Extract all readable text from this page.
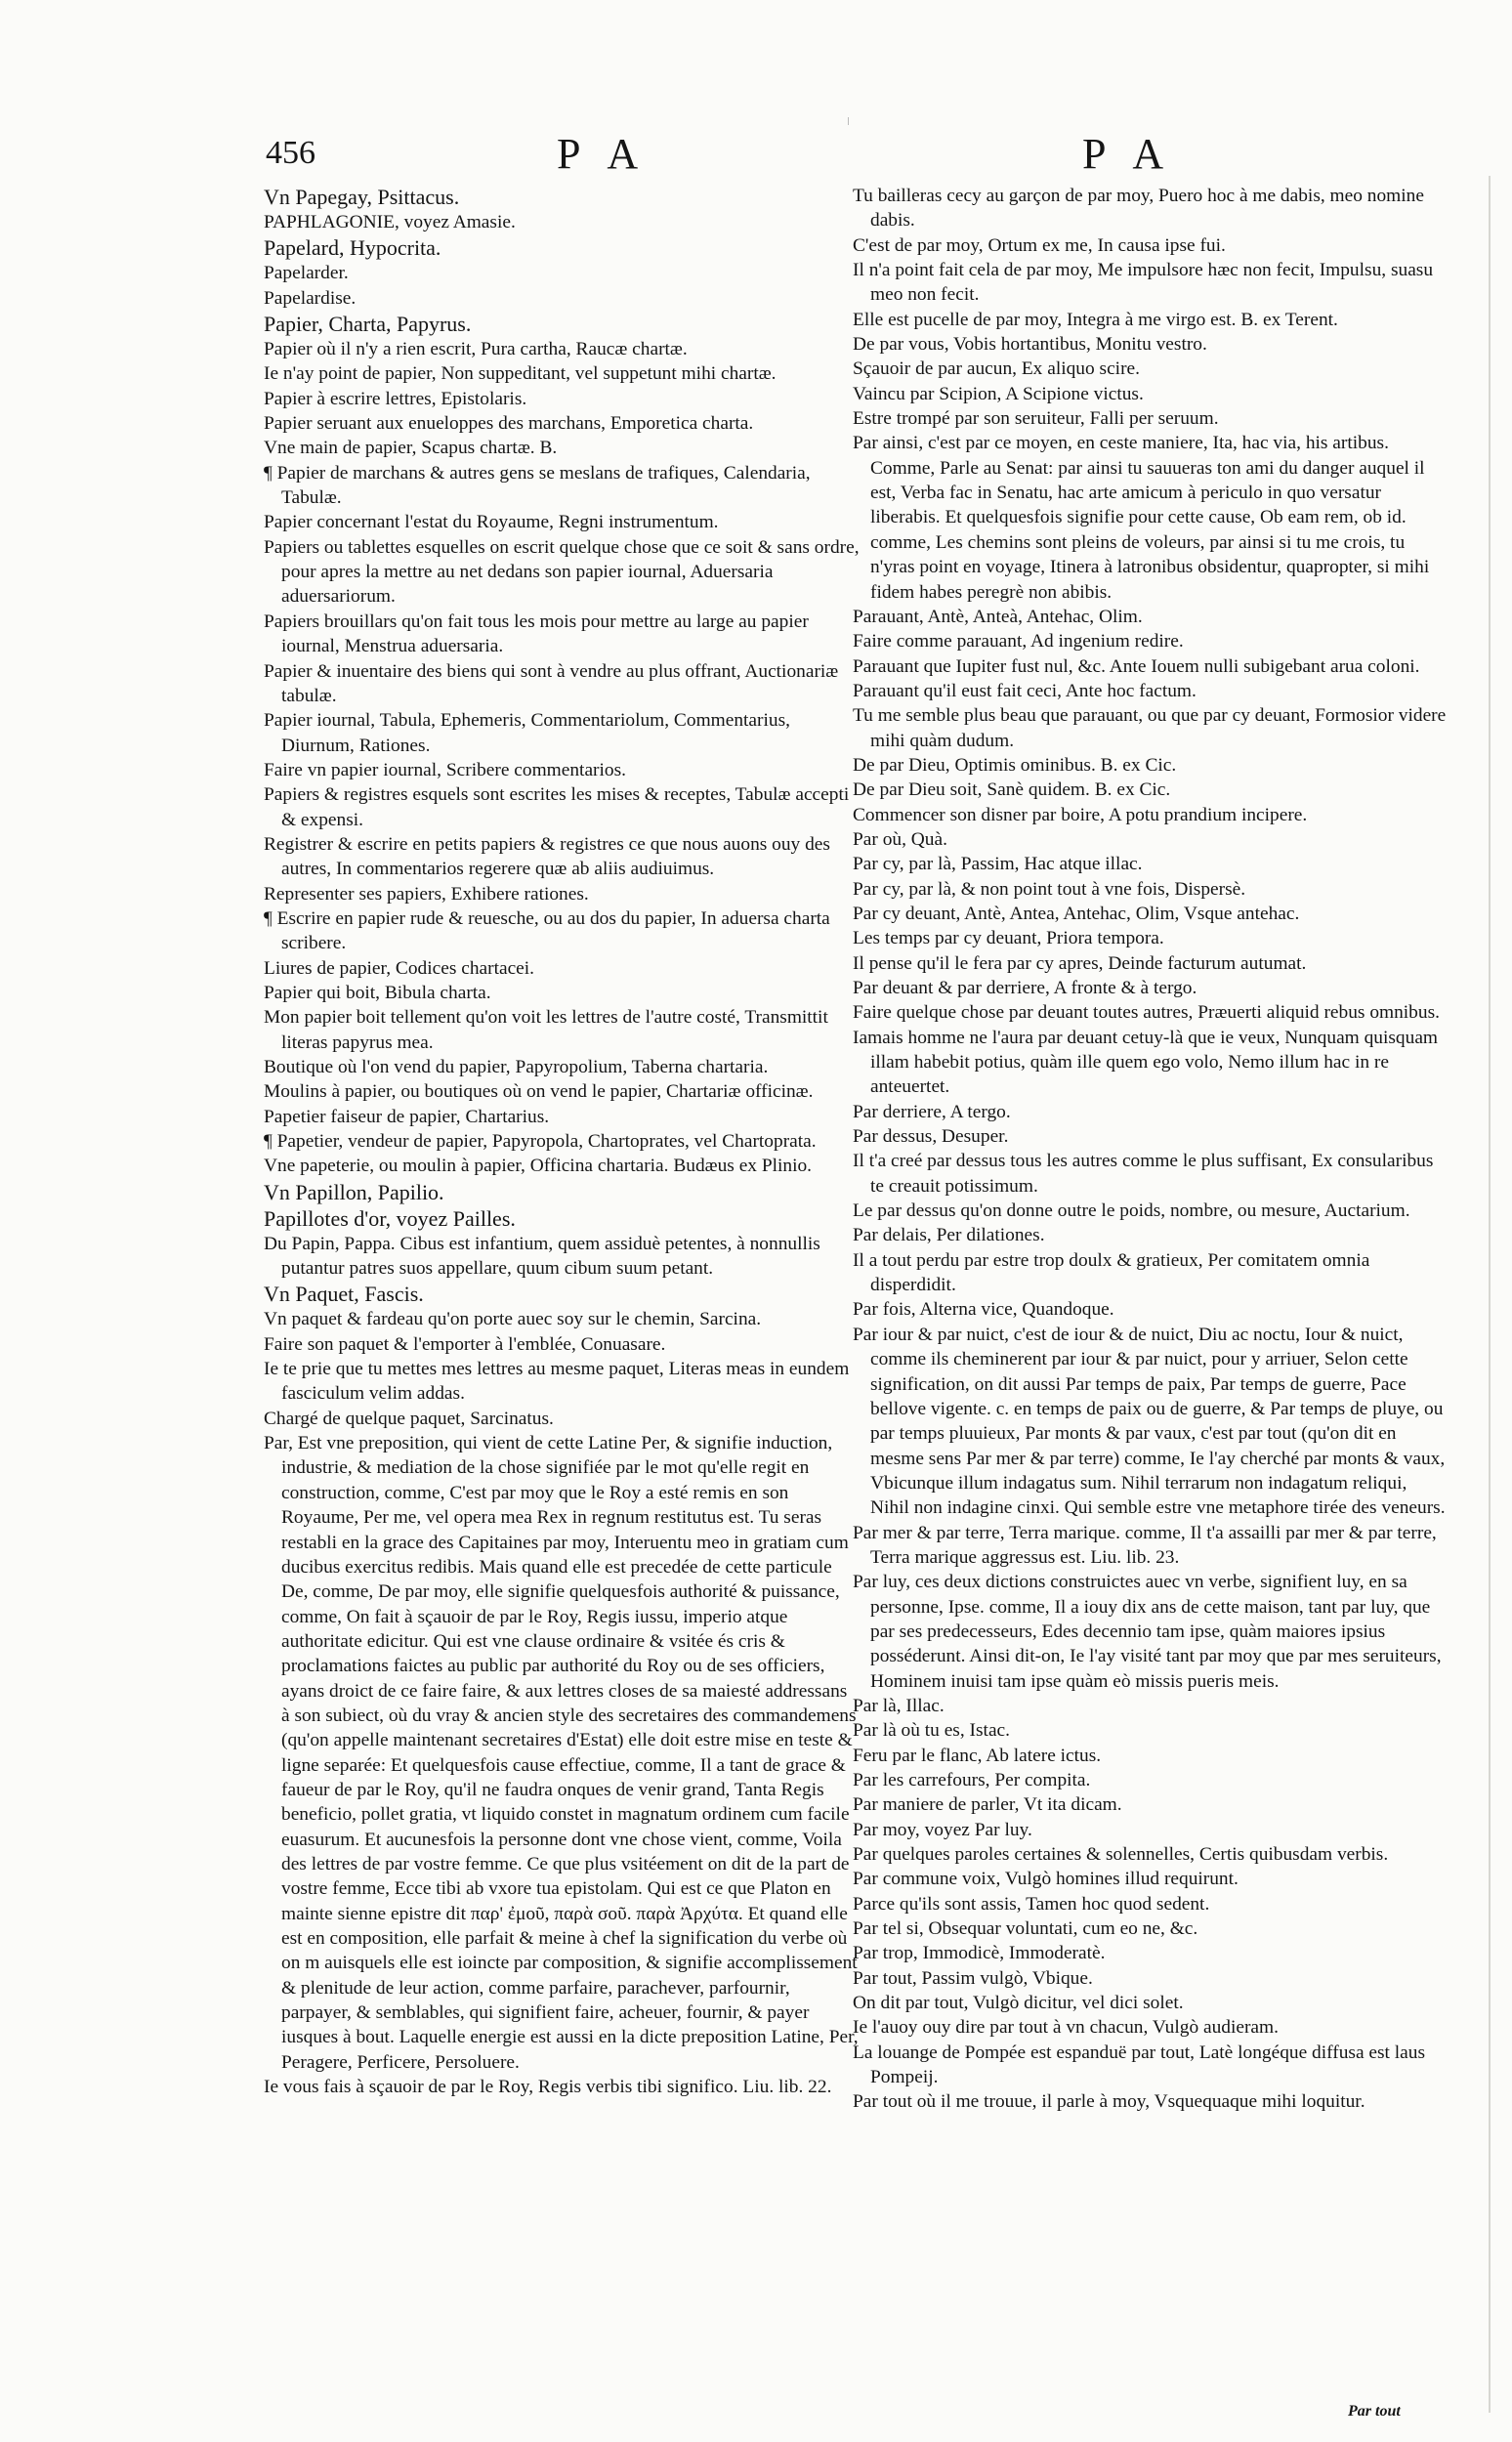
456	P A	P A
Vn Papegay, Psittacus.
PAPHLAGONIE, voyez Amasie.
Papelard, Hypocrita.
Papelarder.
Papelardise.
Papier, Charta, Papyrus.
Papier où il n'y a rien escrit, Pura cartha, Raucæ chartæ.
Ie n'ay point de papier, Non suppeditant, vel suppetunt mihi chartæ.
Papier à escrire lettres, Epistolaris.
Papier seruant aux enueloppes des marchans, Emporetica charta.
Vne main de papier, Scapus chartæ. B.
¶ Papier de marchans & autres gens se meslans de trafiques, Calendaria, Tabulæ.
Papier concernant l'estat du Royaume, Regni instrumentum.
Papiers ou tablettes esquelles on escrit quelque chose que ce soit & sans ordre, pour apres la mettre au net dedans son papier iournal, Aduersaria aduersariorum.
Papiers brouillars qu'on fait tous les mois pour mettre au large au papier iournal, Menstrua aduersaria.
Papier & inuentaire des biens qui sont à vendre au plus offrant, Auctionariæ tabulæ.
Papier iournal, Tabula, Ephemeris, Commentariolum, Commentarius, Diurnum, Rationes.
Faire vn papier iournal, Scribere commentarios.
Papiers & registres esquels sont escrites les mises & receptes, Tabulæ accepti & expensi.
Registrer & escrire en petits papiers & registres ce que nous auons ouy des autres, In commentarios regerere quæ ab aliis audiuimus.
Representer ses papiers, Exhibere rationes.
¶ Escrire en papier rude & reuesche, ou au dos du papier, In aduersa charta scribere.
Liures de papier, Codices chartacei.
Papier qui boit, Bibula charta.
Mon papier boit tellement qu'on voit les lettres de l'autre costé, Transmittit literas papyrus mea.
Boutique où l'on vend du papier, Papyropolium, Taberna chartaria.
Moulins à papier, ou boutiques où on vend le papier, Chartariæ officinæ.
Papetier faiseur de papier, Chartarius.
¶ Papetier, vendeur de papier, Papyropola, Chartoprates, vel Chartoprata.
Vne papeterie, ou moulin à papier, Officina chartaria. Budæus ex Plinio.
Vn Papillon, Papilio.
Papillotes d'or, voyez Pailles.
Du Papin, Pappa. Cibus est infantium, quem assiduè petentes, à nonnullis putantur patres suos appellare, quum cibum suum petant.
Vn Paquet, Fascis.
Vn paquet & fardeau qu'on porte auec soy sur le chemin, Sarcina.
Faire son paquet & l'emporter à l'emblée, Conuasare.
Ie te prie que tu mettes mes lettres au mesme paquet, Literas meas in eundem fasciculum velim addas.
Chargé de quelque paquet, Sarcinatus.
Par, Est vne preposition, qui vient de cette Latine Per, & signifie induction, industrie, & mediation de la chose signifiée par le mot qu'elle regit en construction, comme, C'est par moy que le Roy a esté remis en son Royaume, Per me, vel opera mea Rex in regnum restitutus est. Tu seras restabli en la grace des Capitaines par moy, Interuentu meo in gratiam cum ducibus exercitus redibis. Mais quand elle est precedée de cette particule De, comme, De par moy, elle signifie quelquesfois authorité & puissance, comme, On fait à sçauoir de par le Roy, Regis iussu, imperio atque authoritate edicitur. Qui est vne clause ordinaire & vsitée és cris & proclamations faictes au public par authorité du Roy ou de ses officiers, ayans droict de ce faire faire, & aux lettres closes de sa maiesté addressans à son subiect, où du vray & ancien style des secretaires des commandemens (qu'on appelle maintenant secretaires d'Estat) elle doit estre mise en teste & ligne separée: Et quelquesfois cause effectiue, comme, Il a tant de grace & faueur de par le Roy, qu'il ne faudra onques de venir grand, Tanta Regis beneficio, pollet gratia, vt liquido constet in magnatum ordinem cum facile euasurum. Et aucunesfois la personne dont vne chose vient, comme, Voila des lettres de par vostre femme. Ce que plus vsitéement on dit de la part de vostre femme, Ecce tibi ab vxore tua epistolam. Qui est ce que Platon en mainte sienne epistre dit παρ' ἐμοῦ, παρὰ σοῦ. παρὰ Ἀρχύτα. Et quand elle est en composition, elle parfait & meine à chef la signification du verbe où on m auisquels elle est ioincte par composition, & signifie accomplissement & plenitude de leur action, comme parfaire, parachever, parfournir, parpayer, & semblables, qui signifient faire, acheuer, fournir, & payer iusques à bout. Laquelle energie est aussi en la dicte preposition Latine, Per, Peragere, Perficere, Persoluere.
Ie vous fais à sçauoir de par le Roy, Regis verbis tibi significo. Liu. lib. 22.
Tu bailleras cecy au garçon de par moy, Puero hoc à me dabis, meo nomine dabis.
C'est de par moy, Ortum ex me, In causa ipse fui.
Il n'a point fait cela de par moy, Me impulsore hæc non fecit, Impulsu, suasu meo non fecit.
Elle est pucelle de par moy, Integra à me virgo est. B. ex Terent.
De par vous, Vobis hortantibus, Monitu vestro.
Sçauoir de par aucun, Ex aliquo scire.
Vaincu par Scipion, A Scipione victus.
Estre trompé par son seruiteur, Falli per seruum.
Par ainsi, c'est par ce moyen, en ceste maniere, Ita, hac via, his artibus. Comme, Parle au Senat: par ainsi tu sauueras ton ami du danger auquel il est, Verba fac in Senatu, hac arte amicum à periculo in quo versatur liberabis. Et quelquesfois signifie pour cette cause, Ob eam rem, ob id. comme, Les chemins sont pleins de voleurs, par ainsi si tu me crois, tu n'yras point en voyage, Itinera à latronibus obsidentur, quapropter, si mihi fidem habes peregrè non abibis.
Parauant, Antè, Anteà, Antehac, Olim.
Faire comme parauant, Ad ingenium redire.
Parauant que Iupiter fust nul, &c. Ante Iouem nulli subigebant arua coloni.
Parauant qu'il eust fait ceci, Ante hoc factum.
Tu me semble plus beau que parauant, ou que par cy deuant, Formosior videre mihi quàm dudum.
De par Dieu, Optimis ominibus. B. ex Cic.
De par Dieu soit, Sanè quidem. B. ex Cic.
Commencer son disner par boire, A potu prandium incipere.
Par où, Quà.
Par cy, par là, Passim, Hac atque illac.
Par cy, par là, & non point tout à vne fois, Dispersè.
Par cy deuant, Antè, Antea, Antehac, Olim, Vsque antehac.
Les temps par cy deuant, Priora tempora.
Il pense qu'il le fera par cy apres, Deinde facturum autumat.
Par deuant & par derriere, A fronte & à tergo.
Faire quelque chose par deuant toutes autres, Præuerti aliquid rebus omnibus.
Iamais homme ne l'aura par deuant cetuy-là que ie veux, Nunquam quisquam illam habebit potius, quàm ille quem ego volo, Nemo illum hac in re anteuertet.
Par derriere, A tergo.
Par dessus, Desuper.
Il t'a creé par dessus tous les autres comme le plus suffisant, Ex consularibus te creauit potissimum.
Le par dessus qu'on donne outre le poids, nombre, ou mesure, Auctarium.
Par delais, Per dilationes.
Il a tout perdu par estre trop doulx & gratieux, Per comitatem omnia disperdidit.
Par fois, Alterna vice, Quandoque.
Par iour & par nuict, c'est de iour & de nuict, Diu ac noctu, Iour & nuict, comme ils cheminerent par iour & par nuict, pour y arriuer, Selon cette signification, on dit aussi Par temps de paix, Par temps de guerre, Pace bellove vigente. c. en temps de paix ou de guerre, & Par temps de pluye, ou par temps pluuieux, Par monts & par vaux, c'est par tout (qu'on dit en mesme sens Par mer & par terre) comme, Ie l'ay cherché par monts & vaux, Vbicunque illum indagatus sum. Nihil terrarum non indagatum reliqui, Nihil non indagine cinxi. Qui semble estre vne metaphore tirée des veneurs.
Par mer & par terre, Terra marique. comme, Il t'a assailli par mer & par terre, Terra marique aggressus est. Liu. lib. 23.
Par luy, ces deux dictions construictes auec vn verbe, signifient luy, en sa personne, Ipse. comme, Il a iouy dix ans de cette maison, tant par luy, que par ses predecesseurs, Edes decennio tam ipse, quàm maiores ipsius posséderunt. Ainsi dit-on, Ie l'ay visité tant par moy que par mes seruiteurs, Hominem inuisi tam ipse quàm eò missis pueris meis.
Par là, Illac.
Par là où tu es, Istac.
Feru par le flanc, Ab latere ictus.
Par les carrefours, Per compita.
Par maniere de parler, Vt ita dicam.
Par moy, voyez Par luy.
Par quelques paroles certaines & solennelles, Certis quibusdam verbis.
Par commune voix, Vulgò homines illud requirunt.
Parce qu'ils sont assis, Tamen hoc quod sedent.
Par tel si, Obsequar voluntati, cum eo ne, &c.
Par trop, Immodicè, Immoderatè.
Par tout, Passim vulgò, Vbique.
On dit par tout, Vulgò dicitur, vel dici solet.
Ie l'auoy ouy dire par tout à vn chacun, Vulgò audieram.
La louange de Pompée est espanduë par tout, Latè longéque diffusa est laus Pompeij.
Par tout où il me trouue, il parle à moy, Vsquequaque mihi loquitur.
Par tout
